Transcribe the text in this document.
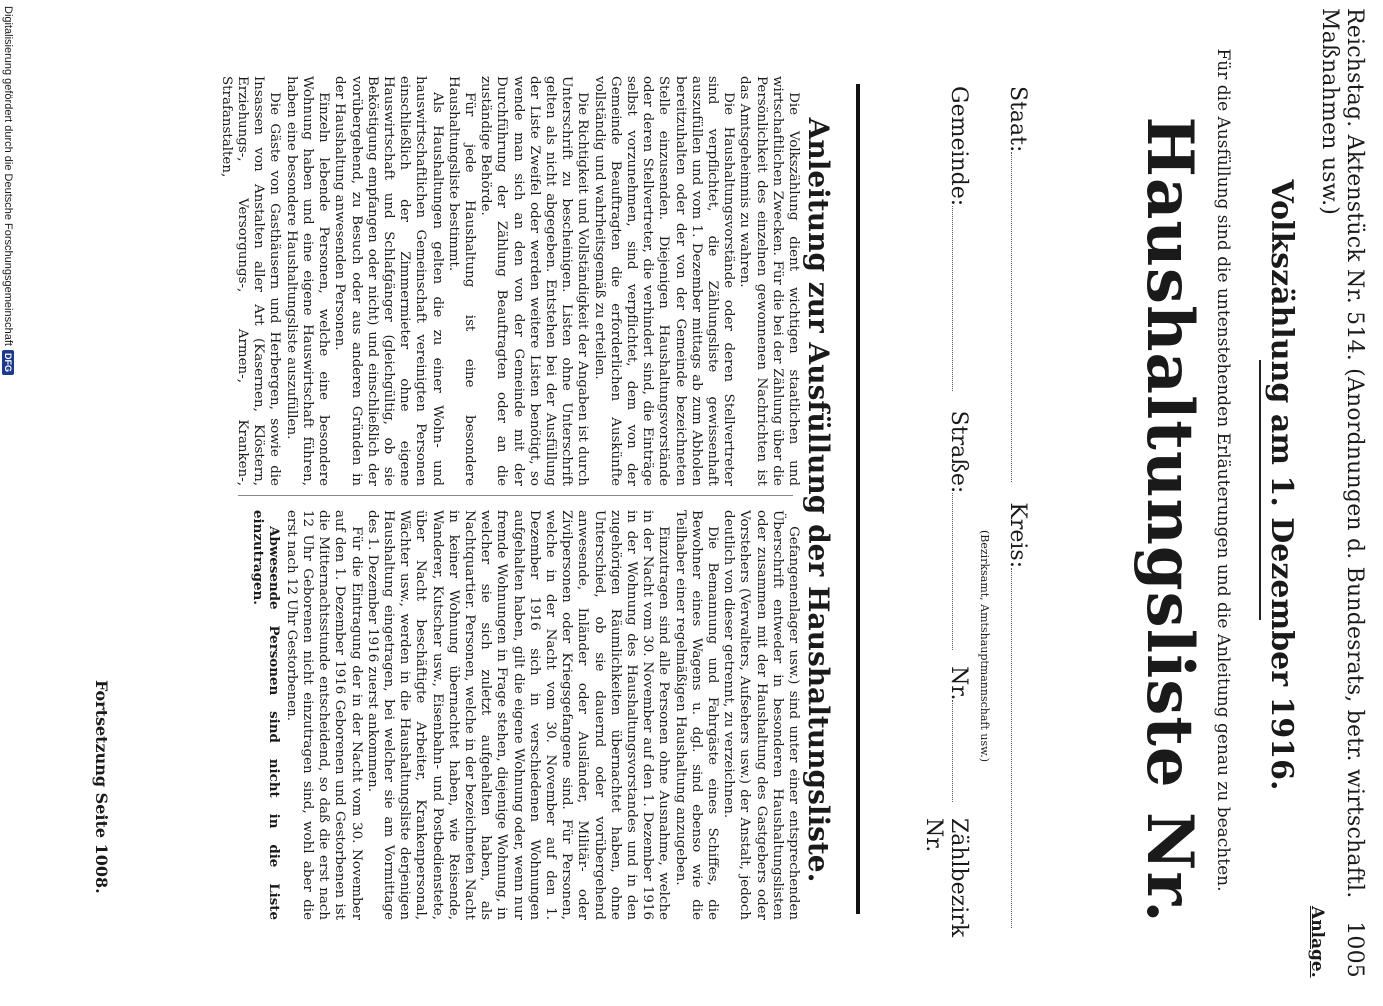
Reichstag. Aktenstück Nr. 514. (Anordnungen d. Bundesrats, betr. wirtschaftl. Maßnahmen usw.)
1005
Anlage.
Volkszählung am 1. Dezember 1916.
Für die Ausfüllung sind die untenstehenden Erläuterungen und die Anleitung genau zu beachten.
Haushaltungsliste Nr.
Staat:
Kreis:
(Bezirksamt, Amtshauptmannschaft usw.)
Gemeinde:
Straße:
Nr.
Zählbezirk Nr.
Anleitung zur Ausfüllung der Haushaltungsliste.

Die Volkszählung dient wichtigen staatlichen und wirtschaftlichen Zwecken. Für die bei der Zählung über die Persönlichkeit des einzelnen gewonnenen Nachrichten ist das Amtsgeheimnis zu wahren.

Die Haushaltungsvorstände oder deren Stellvertreter sind verpflichtet, die Zählungsliste gewissenhaft auszufüllen und vom 1. Dezember mittags ab zum Abholen bereitzuhalten oder der von der Gemeinde bezeichneten Stelle einzusenden. Diejenigen Haushaltungsvorstände oder deren Stellvertreter, die verhindert sind, die Einträge selbst vorzunehmen, sind verpflichtet, dem von der Gemeinde Beauftragten die erforderlichen Auskünfte vollständig und wahrheitsgemäß zu erteilen.

Die Richtigkeit und Vollständigkeit der Angaben ist durch Unterschrift zu bescheinigen. Listen ohne Unterschrift gelten als nicht abgegeben. Entstehen bei der Ausfüllung der Liste Zweifel oder werden weitere Listen benötigt, so wende man sich an den von der Gemeinde mit der Durchführung der Zählung Beauftragten oder an die zuständige Behörde.

Für jede Haushaltung ist eine besondere Haushaltungsliste bestimmt.

Als Haushaltungen gelten die zu einer Wohn- und hauswirtschaftlichen Gemeinschaft vereinigten Personen einschließlich der Zimmermieter ohne eigene Hauswirtschaft und Schlafgänger (gleichgültig, ob sie Beköstigung empfangen oder nicht) und einschließlich der vorübergehend, zu Besuch oder aus anderen Gründen in der Haushaltung anwesenden Personen.

Einzeln lebende Personen, welche eine besondere Wohnung haben und eine eigene Hauswirtschaft führen, haben eine besondere Haushaltungsliste auszufüllen.

Die Gäste von Gasthäusern und Herbergen, sowie die Insassen von Anstalten aller Art (Kasernen, Klöstern, Erziehungs-, Versorgungs-, Armen-, Kranken-, Strafanstalten,

Gefangenenlager usw.) sind unter einer entsprechenden Überschrift entweder in besonderen Haushaltungslisten oder zusammen mit der Haushaltung des Gastgebers oder Vorstehers (Verwalters, Aufsehers usw.) der Anstalt, jedoch deutlich von dieser getrennt, zu verzeichnen.

Die Bemannung und Fahrgäste eines Schiffes, die Bewohner eines Wagens u. dgl. sind ebenso wie die Teilhaber einer regelmäßigen Haushaltung anzugeben.

Einzutragen sind alle Personen ohne Ausnahme, welche in der Nacht vom 30. November auf den 1. Dezember 1916 in der Wohnung des Haushaltungsvorstandes und in den zugehörigen Räumlichkeiten übernachtet haben, ohne Unterschied, ob sie dauernd oder vorübergehend anwesende, Inländer oder Ausländer, Militär- oder Zivilpersonen oder Kriegsgefangene sind. Für Personen, welche in der Nacht vom 30. November auf den 1. Dezember 1916 sich in verschiedenen Wohnungen aufgehalten haben, gilt die eigene Wohnung oder, wenn nur fremde Wohnungen in Frage stehen, diejenige Wohnung, in welcher sie sich zuletzt aufgehalten haben, als Nachtquartier. Personen, welche in der bezeichneten Nacht in keiner Wohnung übernachtet haben, wie Reisende, Wanderer, Kutscher usw., Eisenbahn- und Postbedienstete, über Nacht beschäftigte Arbeiter, Krankenpersonal, Wächter usw., werden in die Haushaltungsliste derjenigen Haushaltung eingetragen, bei welcher sie am Vormittage des 1. Dezember 1916 zuerst ankommen.

Für die Eintragung der in der Nacht vom 30. November auf den 1. Dezember 1916 Geborenen und Gestorbenen ist die Mitternachtsstunde entscheidend, so daß die erst nach 12 Uhr Geborenen nicht einzutragen sind, wohl aber die erst nach 12 Uhr Gestorbenen.

Abwesende Personen sind nicht in die Liste einzutragen.

Fortsetzung Seite 1008.
Digitalisierung gefördert durch die Deutsche Forschungsgemeinschaft
DFG
